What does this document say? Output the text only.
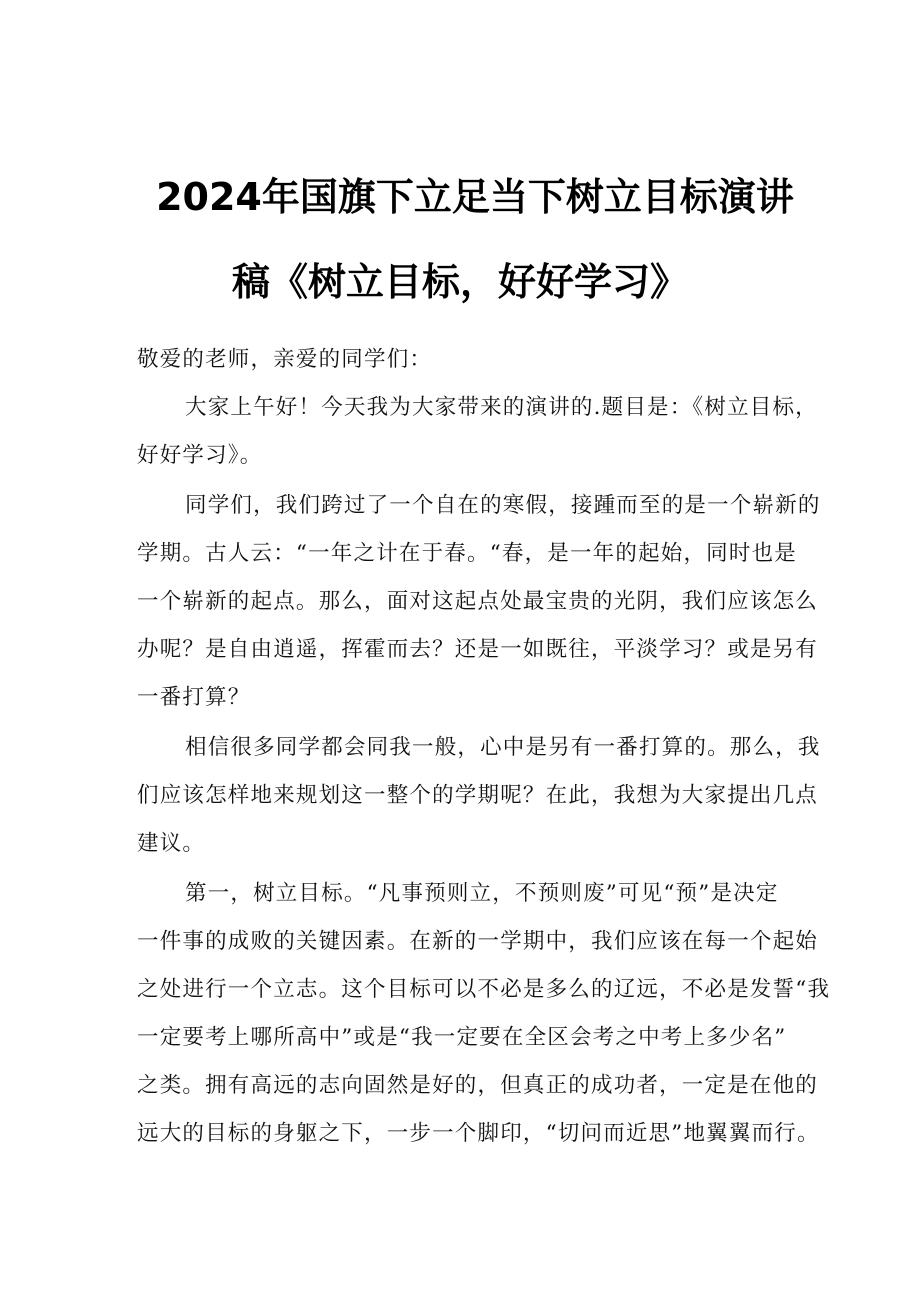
2024年国旗下立足当下树立目标演讲
稿《树立目标，好好学习》
敬爱的老师，亲爱的同学们：
大家上午好！今天我为大家带来的演讲的.题目是：《树立目标，
好好学习》。
同学们，我们跨过了一个自在的寒假，接踵而至的是一个崭新的
学期。古人云：“一年之计在于春。“春，是一年的起始，同时也是
一个崭新的起点。那么，面对这起点处最宝贵的光阴，我们应该怎么
办呢？是自由逍遥，挥霍而去？还是一如既往，平淡学习？或是另有
一番打算？
相信很多同学都会同我一般，心中是另有一番打算的。那么，我
们应该怎样地来规划这一整个的学期呢？在此，我想为大家提出几点
建议。
第一，树立目标。“凡事预则立，不预则废”可见“预”是决定
一件事的成败的关键因素。在新的一学期中，我们应该在每一个起始
之处进行一个立志。这个目标可以不必是多么的辽远，不必是发誓“我
一定要考上哪所高中”或是“我一定要在全区会考之中考上多少名”
之类。拥有高远的志向固然是好的，但真正的成功者，一定是在他的
远大的目标的身躯之下，一步一个脚印，“切问而近思”地翼翼而行。
